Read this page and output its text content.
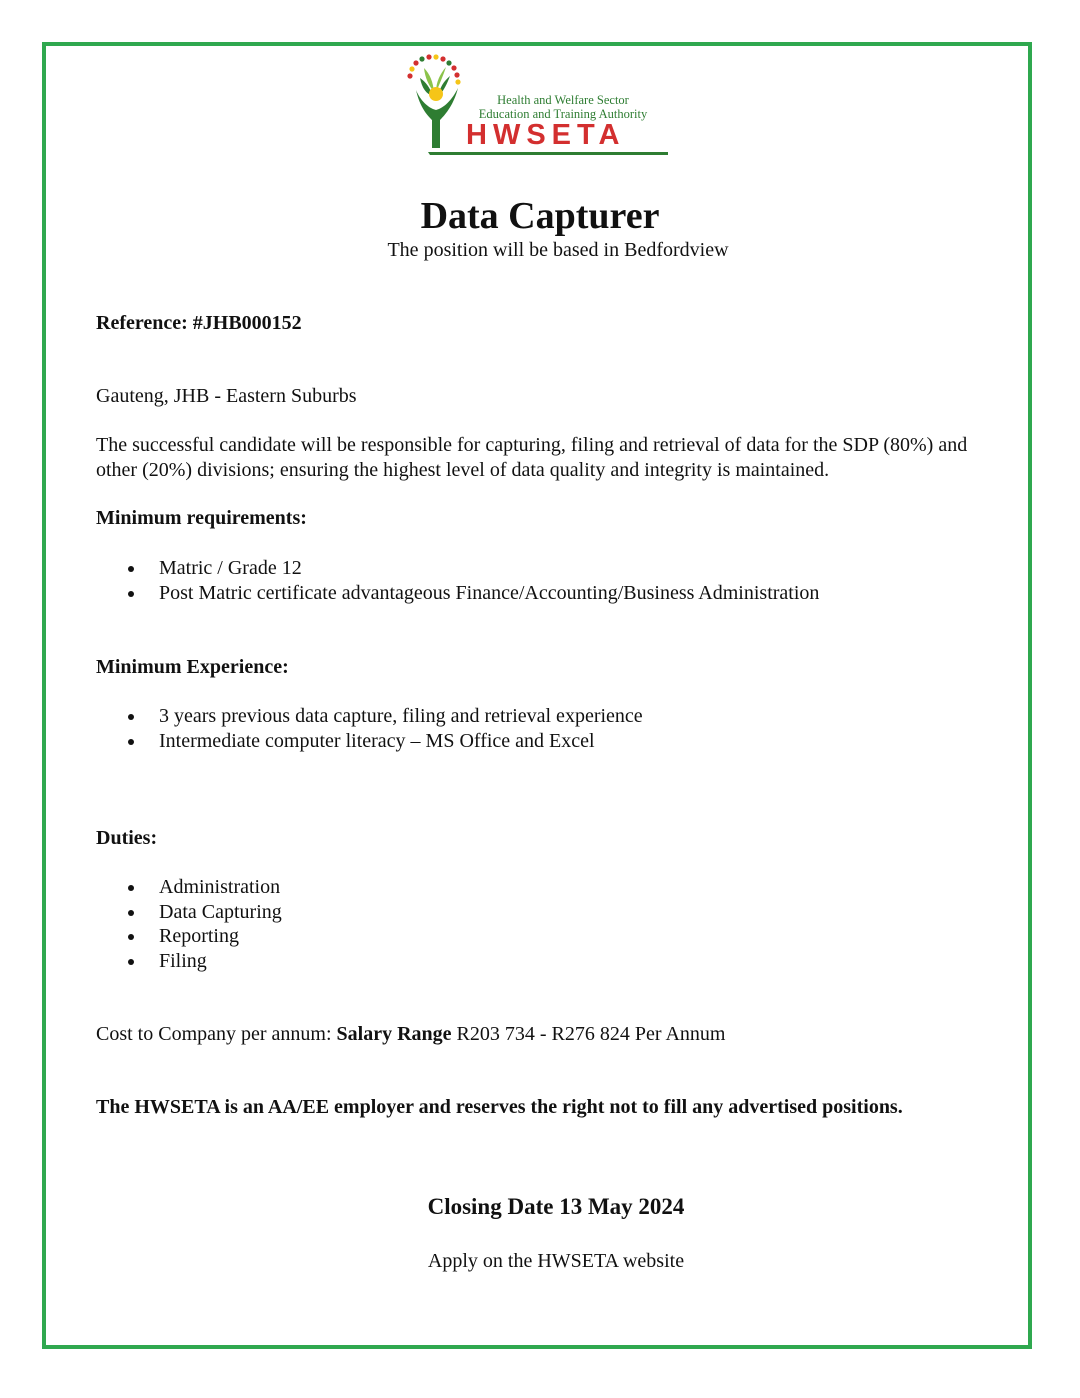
Health and Welfare Sector
Education and Training Authority
HWSETA
Data Capturer
The position will be based in Bedfordview
Reference: #JHB000152
Gauteng, JHB - Eastern Suburbs
The successful candidate will be responsible for capturing, filing and retrieval of data for the SDP (80%) and other (20%) divisions; ensuring the highest level of data quality and integrity is maintained.
Minimum requirements:
Matric / Grade 12
Post Matric certificate advantageous Finance/Accounting/Business Administration
Minimum Experience:
3 years previous data capture, filing and retrieval experience
Intermediate computer literacy – MS Office and Excel
Duties:
Administration
Data Capturing
Reporting
Filing
Cost to Company per annum: Salary Range R203 734 - R276 824 Per Annum
The HWSETA is an AA/EE employer and reserves the right not to fill any advertised positions.
Closing Date 13 May 2024
Apply on the HWSETA website
